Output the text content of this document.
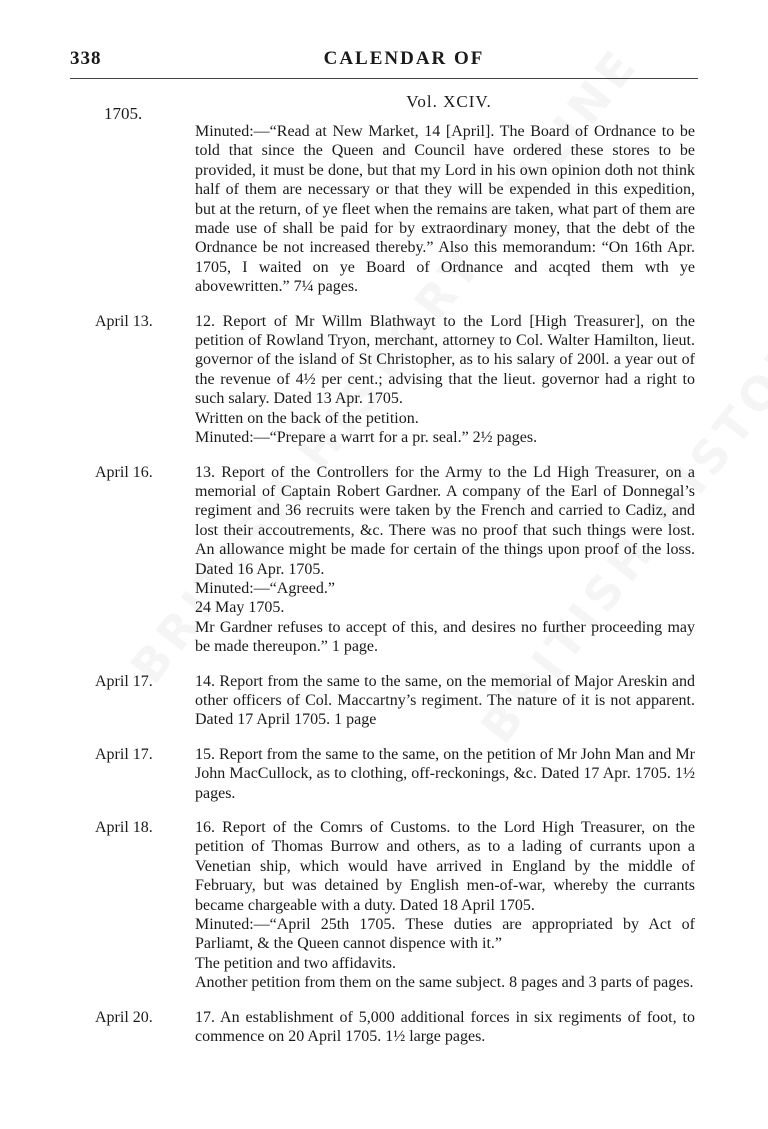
338	CALENDAR OF
Vol. XCIV.
1705.

Minuted:—“Read at New Market, 14 [April]. The Board of Ordnance to be told that since the Queen and Council have ordered these stores to be provided, it must be done, but that my Lord in his own opinion doth not think half of them are necessary or that they will be expended in this expedition, but at the return, of ye fleet when the remains are taken, what part of them are made use of shall be paid for by extraordinary money, that the debt of the Ordnance be not increased thereby.” Also this memorandum: “On 16th Apr. 1705, I waited on ye Board of Ordnance and acqted them wth ye abovewritten.” 7¼ pages.

April 13.	12. Report of Mr Willm Blathwayt to the Lord [High Treasurer], on the petition of Rowland Tryon, merchant, attorney to Col. Walter Hamilton, lieut. governor of the island of St Christopher, as to his salary of 200l. a year out of the revenue of 4½ per cent.; advising that the lieut. governor had a right to such salary. Dated 13 Apr. 1705.

Written on the back of the petition.

Minuted:—“Prepare a warrt for a pr. seal.” 2½ pages.

April 16.	13. Report of the Controllers for the Army to the Ld High Treasurer, on a memorial of Captain Robert Gardner. A company of the Earl of Donnegal’s regiment and 36 recruits were taken by the French and carried to Cadiz, and lost their accoutrements, &c. There was no proof that such things were lost. An allowance might be made for certain of the things upon proof of the loss. Dated 16 Apr. 1705.

Minuted:—“Agreed.”

24 May 1705.

Mr Gardner refuses to accept of this, and desires no further proceeding may be made thereupon.” 1 page.

April 17.	14. Report from the same to the same, on the memorial of Major Areskin and other officers of Col. Maccartny’s regiment. The nature of it is not apparent. Dated 17 April 1705. 1 page

April 17.	15. Report from the same to the same, on the petition of Mr John Man and Mr John MacCullock, as to clothing, off-reckonings, &c. Dated 17 Apr. 1705. 1½ pages.

April 18.	16. Report of the Comrs of Customs. to the Lord High Treasurer, on the petition of Thomas Burrow and others, as to a lading of currants upon a Venetian ship, which would have arrived in England by the middle of February, but was detained by English men-of-war, whereby the currants became chargeable with a duty. Dated 18 April 1705.

Minuted:—“April 25th 1705. These duties are appropriated by Act of Parliamt, & the Queen cannot dispence with it.”

The petition and two affidavits.

Another petition from them on the same subject. 8 pages and 3 parts of pages.

April 20.	17. An establishment of 5,000 additional forces in six regiments of foot, to commence on 20 April 1705. 1½ large pages.
